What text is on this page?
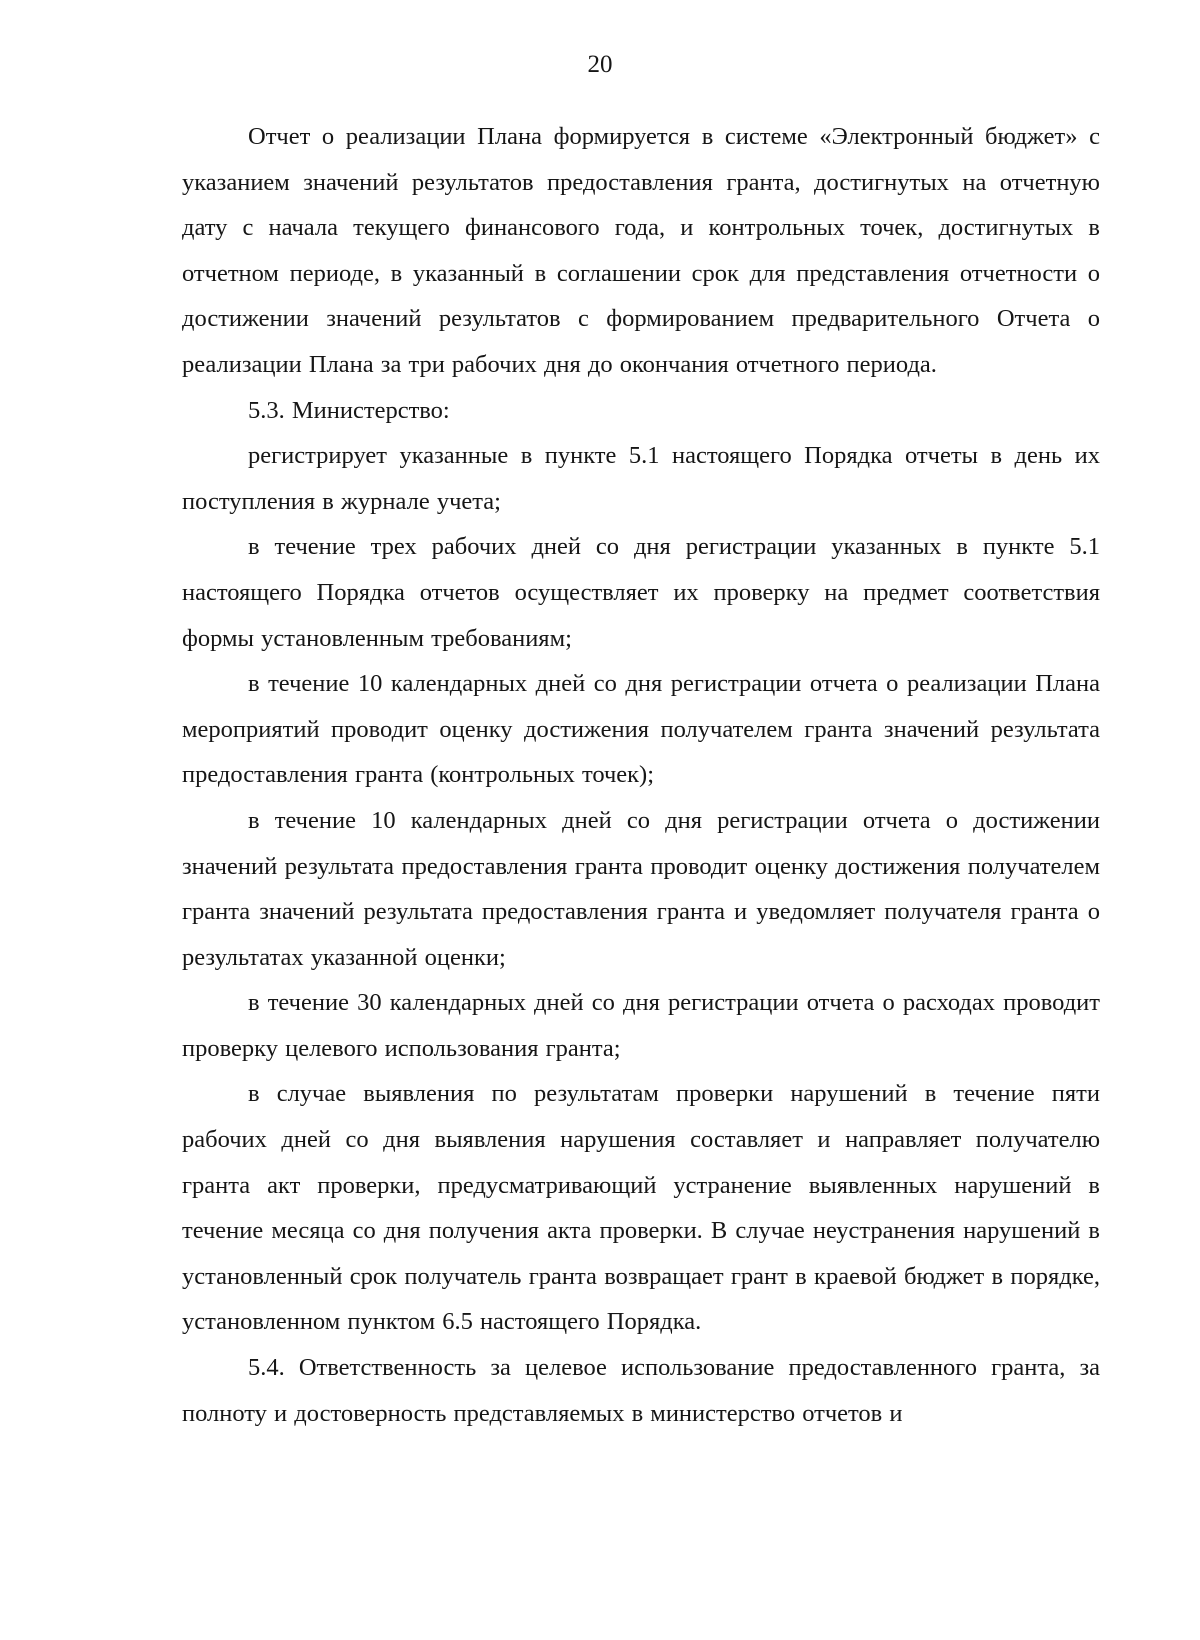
20

Отчет о реализации Плана формируется в системе «Электронный бюджет» с указанием значений результатов предоставления гранта, достигнутых на отчетную дату с начала текущего финансового года, и контрольных точек, достигнутых в отчетном периоде, в указанный в соглашении срок для представления отчетности о достижении значений результатов с формированием предварительного Отчета о реализации Плана за три рабочих дня до окончания отчетного периода.

5.3. Министерство:

регистрирует указанные в пункте 5.1 настоящего Порядка отчеты в день их поступления в журнале учета;

в течение трех рабочих дней со дня регистрации указанных в пункте 5.1 настоящего Порядка отчетов осуществляет их проверку на предмет соответствия формы установленным требованиям;

в течение 10 календарных дней со дня регистрации отчета о реализации Плана мероприятий проводит оценку достижения получателем гранта значений результата предоставления гранта (контрольных точек);

в течение 10 календарных дней со дня регистрации отчета о достижении значений результата предоставления гранта проводит оценку достижения получателем гранта значений результата предоставления гранта и уведомляет получателя гранта о результатах указанной оценки;

в течение 30 календарных дней со дня регистрации отчета о расходах проводит проверку целевого использования гранта;

в случае выявления по результатам проверки нарушений в течение пяти рабочих дней со дня выявления нарушения составляет и направляет получателю гранта акт проверки, предусматривающий устранение выявленных нарушений в течение месяца со дня получения акта проверки. В случае неустранения нарушений в установленный срок получатель гранта возвращает грант в краевой бюджет в порядке, установленном пунктом 6.5 настоящего Порядка.

5.4. Ответственность за целевое использование предоставленного гранта, за полноту и достоверность представляемых в министерство отчетов и
